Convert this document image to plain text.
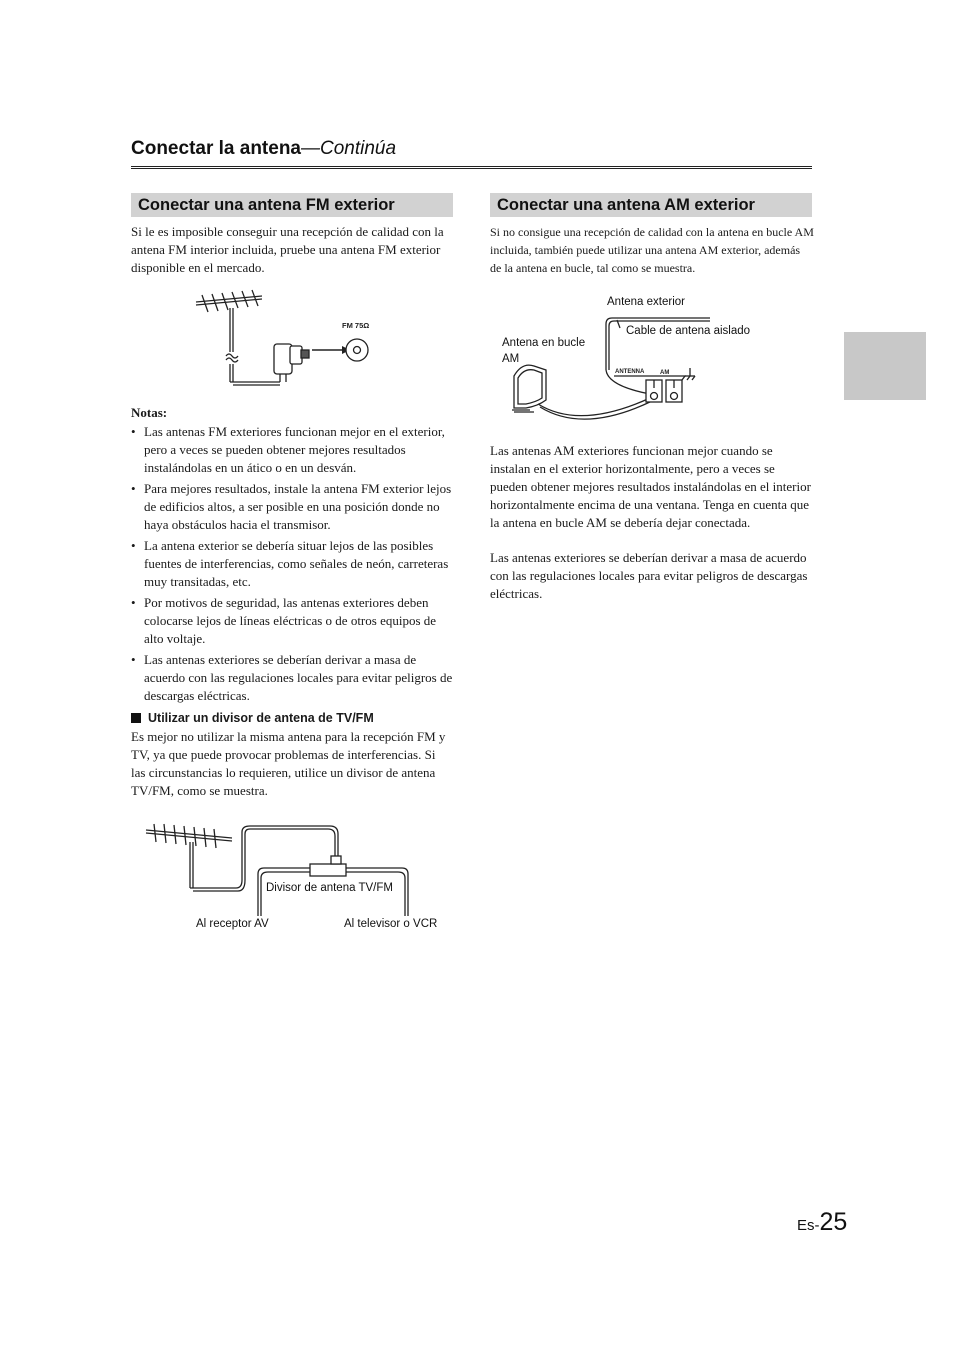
Conectar la antena—Continúa
Conectar una antena FM exterior
Si le es imposible conseguir una recepción de calidad con la antena FM interior incluida, pruebe una antena FM exterior disponible en el mercado.
FM 75Ω
Notas:
• Las antenas FM exteriores funcionan mejor en el exterior, pero a veces se pueden obtener mejores resultados instalándolas en un ático o en un desván.
• Para mejores resultados, instale la antena FM exterior lejos de edificios altos, a ser posible en una posición donde no haya obstáculos hacia el transmisor.
• La antena exterior se debería situar lejos de las posibles fuentes de interferencias, como señales de neón, carreteras muy transitadas, etc.
• Por motivos de seguridad, las antenas exteriores deben colocarse lejos de líneas eléctricas o de otros equipos de alto voltaje.
• Las antenas exteriores se deberían derivar a masa de acuerdo con las regulaciones locales para evitar peligros de descargas eléctricas.
Utilizar un divisor de antena de TV/FM
Es mejor no utilizar la misma antena para la recepción FM y TV, ya que puede provocar problemas de interferencias. Si las circunstancias lo requieren, utilice un divisor de antena TV/FM, como se muestra.
Divisor de antena TV/FM
Al receptor AV	Al televisor o VCR
Conectar una antena AM exterior
Si no consigue una recepción de calidad con la antena en bucle AM incluida, también puede utilizar una antena AM exterior, además de la antena en bucle, tal como se muestra.
ANTENNA	AM
Antena exterior
Cable de antena aislado
Antena en bucle AM
Las antenas AM exteriores funcionan mejor cuando se instalan en el exterior horizontalmente, pero a veces se pueden obtener mejores resultados instalándolas en el interior horizontalmente encima de una ventana. Tenga en cuenta que la antena en bucle AM se debería dejar conectada.
Las antenas exteriores se deberían derivar a masa de acuerdo con las regulaciones locales para evitar peligros de descargas eléctricas.
Es-25
